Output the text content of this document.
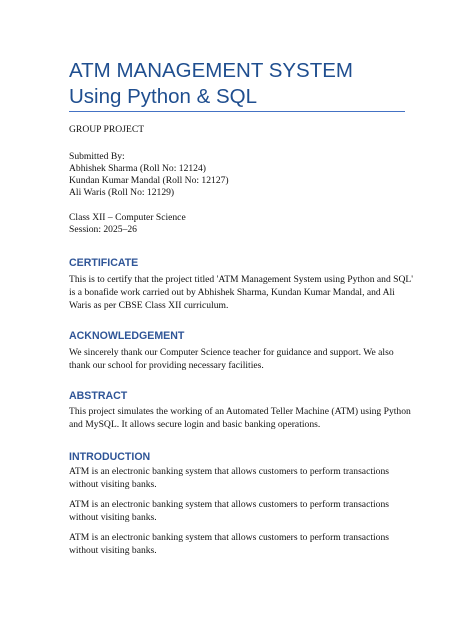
ATM MANAGEMENT SYSTEM
Using Python & SQL
GROUP PROJECT
Submitted By:
Abhishek Sharma (Roll No: 12124)
Kundan Kumar Mandal (Roll No: 12127)
Ali Waris (Roll No: 12129)
Class XII – Computer Science
Session: 2025–26
CERTIFICATE
This is to certify that the project titled 'ATM Management System using Python and SQL' is a bonafide work carried out by Abhishek Sharma, Kundan Kumar Mandal, and Ali Waris as per CBSE Class XII curriculum.
ACKNOWLEDGEMENT
We sincerely thank our Computer Science teacher for guidance and support. We also thank our school for providing necessary facilities.
ABSTRACT
This project simulates the working of an Automated Teller Machine (ATM) using Python and MySQL. It allows secure login and basic banking operations.
INTRODUCTION
ATM is an electronic banking system that allows customers to perform transactions without visiting banks.
ATM is an electronic banking system that allows customers to perform transactions without visiting banks.
ATM is an electronic banking system that allows customers to perform transactions without visiting banks.
